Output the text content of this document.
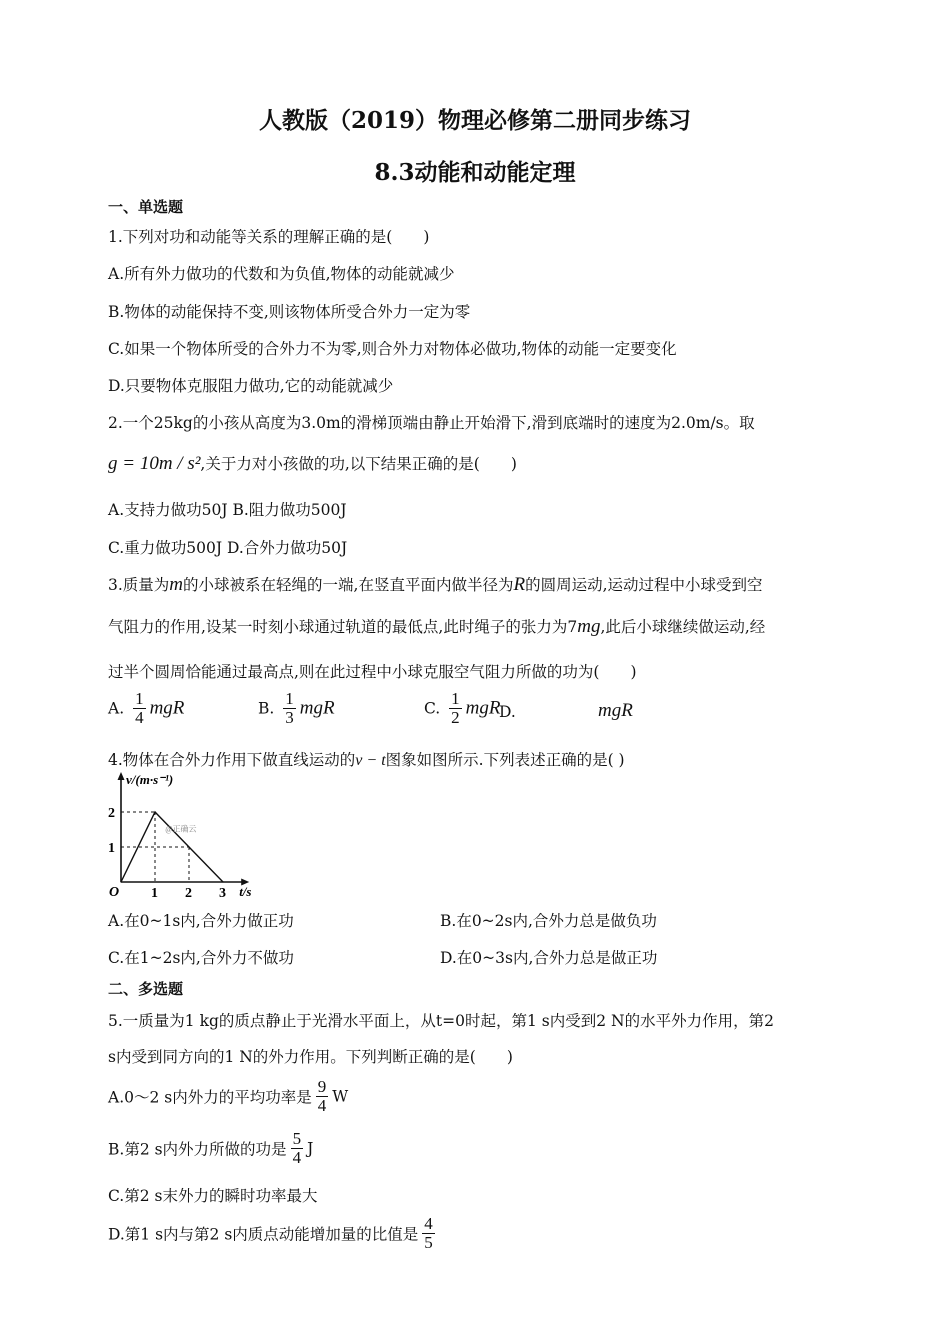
人教版（2019）物理必修第二册同步练习
8.3动能和动能定理
一、单选题
1.下列对功和动能等关系的理解正确的是(　　)
A.所有外力做功的代数和为负值,物体的动能就减少
B.物体的动能保持不变,则该物体所受合外力一定为零
C.如果一个物体所受的合外力不为零,则合外力对物体必做功,物体的动能一定要变化
D.只要物体克服阻力做功,它的动能就减少
2.一个25kg的小孩从高度为3.0m的滑梯顶端由静止开始滑下,滑到底端时的速度为2.0m/s。取
g = 10m / s²,关于力对小孩做的功,以下结果正确的是(　　)
A.支持力做功50J B.阻力做功500J
C.重力做功500J D.合外力做功50J
3.质量为m的小球被系在轻绳的一端,在竖直平面内做半径为R的圆周运动,运动过程中小球受到空
气阻力的作用,设某一时刻小球通过轨道的最低点,此时绳子的张力为7mg,此后小球继续做运动,经
过半个圆周恰能通过最高点,则在此过程中小球克服空气阻力所做的功为(　　)
A. $\frac{1}{4}$ mgR	B. $\frac{1}{3}$ mgR	C. $\frac{1}{2}$ mgR
D.	mgR
4.物体在合外力作用下做直线运动的v − t图象如图所示.下列表述正确的是( )
v/(m·s⁻¹)
t/s
O 1 2 3
1
2
@正确云
A.在0~1s内,合外力做正功	B.在0~2s内,合外力总是做负功
C.在1~2s内,合外力不做功	D.在0~3s内,合外力总是做正功
二、多选题
5.一质量为1 kg的质点静止于光滑水平面上，从t=0时起，第1 s内受到2 N的水平外力作用，第2
s内受到同方向的1 N的外力作用。下列判断正确的是(　　)
A.0～2 s内外力的平均功率是 $\frac{9}{4}$ W
B.第2 s内外力所做的功是 $\frac{5}{4}$ J
C.第2 s末外力的瞬时功率最大
D.第1 s内与第2 s内质点动能增加量的比值是 $\frac{4}{5}$
